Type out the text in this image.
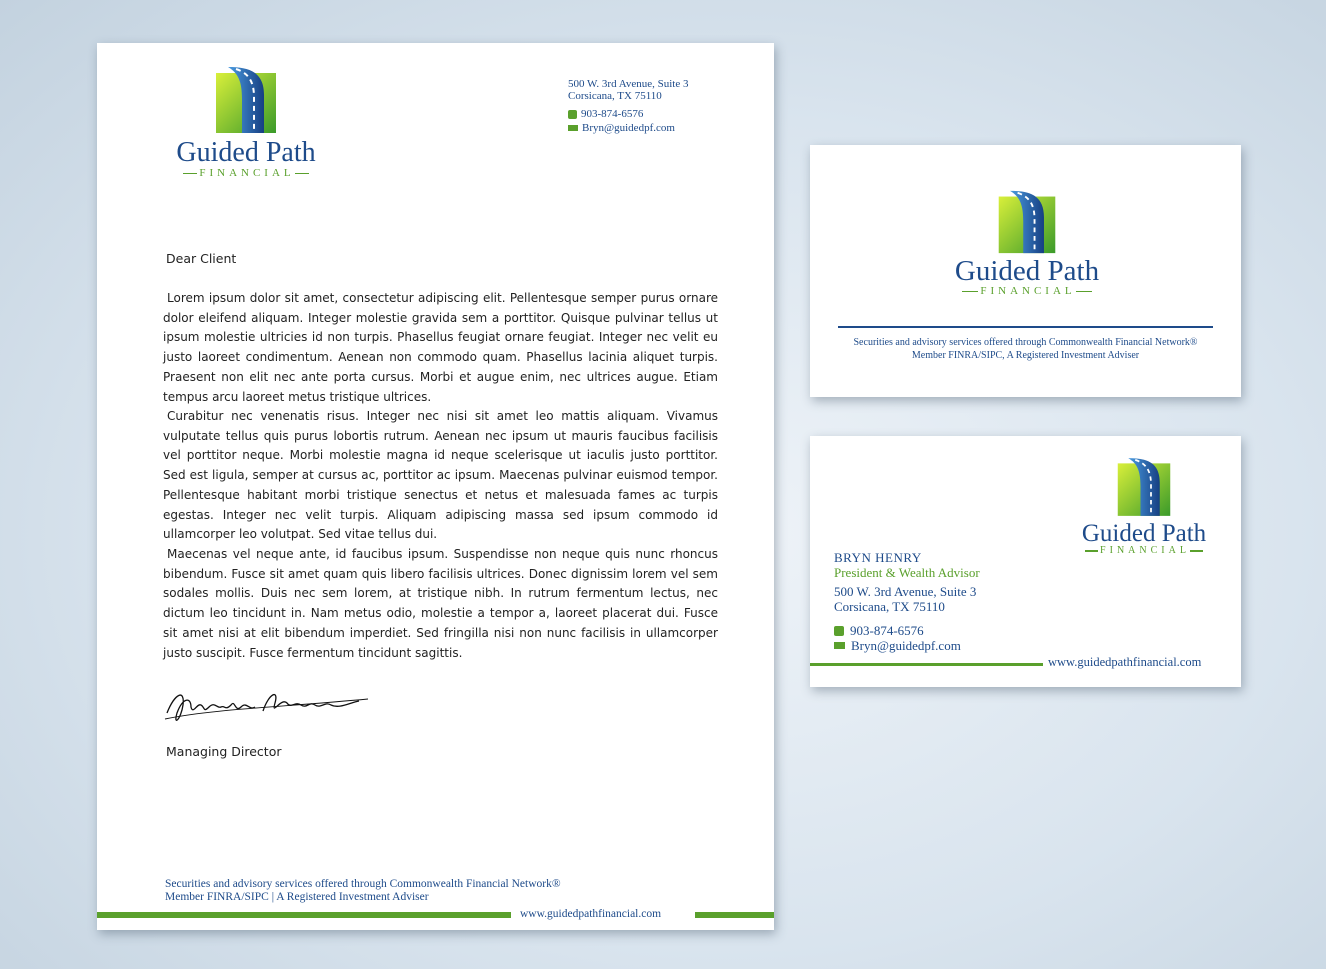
Guided Path
FINANCIAL
500 W. 3rd Avenue, Suite 3
Corsicana, TX 75110
903-874-6576
Bryn@guidedpf.com
Dear Client

Lorem ipsum dolor sit amet, consectetur adipiscing elit. Pellentesque semper purus ornare dolor eleifend aliquam. Integer molestie gravida sem a porttitor. Quisque pulvinar tellus ut ipsum molestie ultricies id non turpis. Phasellus feugiat ornare feugiat. Integer nec velit eu justo laoreet condimentum. Aenean non commodo quam. Phasellus lacinia aliquet turpis. Praesent non elit nec ante porta cursus. Morbi et augue enim, nec ultrices augue. Etiam tempus arcu laoreet metus tristique ultrices.

Curabitur nec venenatis risus. Integer nec nisi sit amet leo mattis aliquam. Vivamus vulputate tellus quis purus lobortis rutrum. Aenean nec ipsum ut mauris faucibus facilisis vel porttitor neque. Morbi molestie magna id neque scelerisque ut iaculis justo porttitor. Sed est ligula, semper at cursus ac, porttitor ac ipsum. Maecenas pulvinar euismod tempor. Pellentesque habitant morbi tristique senectus et netus et malesuada fames ac turpis egestas. Integer nec velit turpis. Aliquam adipiscing massa sed ipsum commodo id ullamcorper leo volutpat. Sed vitae tellus dui.

Maecenas vel neque ante, id faucibus ipsum. Suspendisse non neque quis nunc rhoncus bibendum. Fusce sit amet quam quis libero facilisis ultrices. Donec dignissim lorem vel sem sodales mollis. Duis nec sem lorem, at tristique nibh. In rutrum fermentum lectus, nec dictum leo tincidunt in. Nam metus odio, molestie a tempor a, laoreet placerat dui. Fusce sit amet nisi at elit bibendum imperdiet. Sed fringilla nisi non nunc facilisis in ullamcorper justo suscipit. Fusce fermentum tincidunt sagittis.

Managing Director
Securities and advisory services offered through Commonwealth Financial Network®
Member FINRA/SIPC | A Registered Investment Adviser
www.guidedpathfinancial.com
Guided Path
FINANCIAL
Securities and advisory services offered through Commonwealth Financial Network®
Member FINRA/SIPC, A Registered Investment Adviser
Guided Path
FINANCIAL
BRYN HENRY
President & Wealth Advisor
500 W. 3rd Avenue, Suite 3
Corsicana, TX 75110
903-874-6576
Bryn@guidedpf.com
www.guidedpathfinancial.com
